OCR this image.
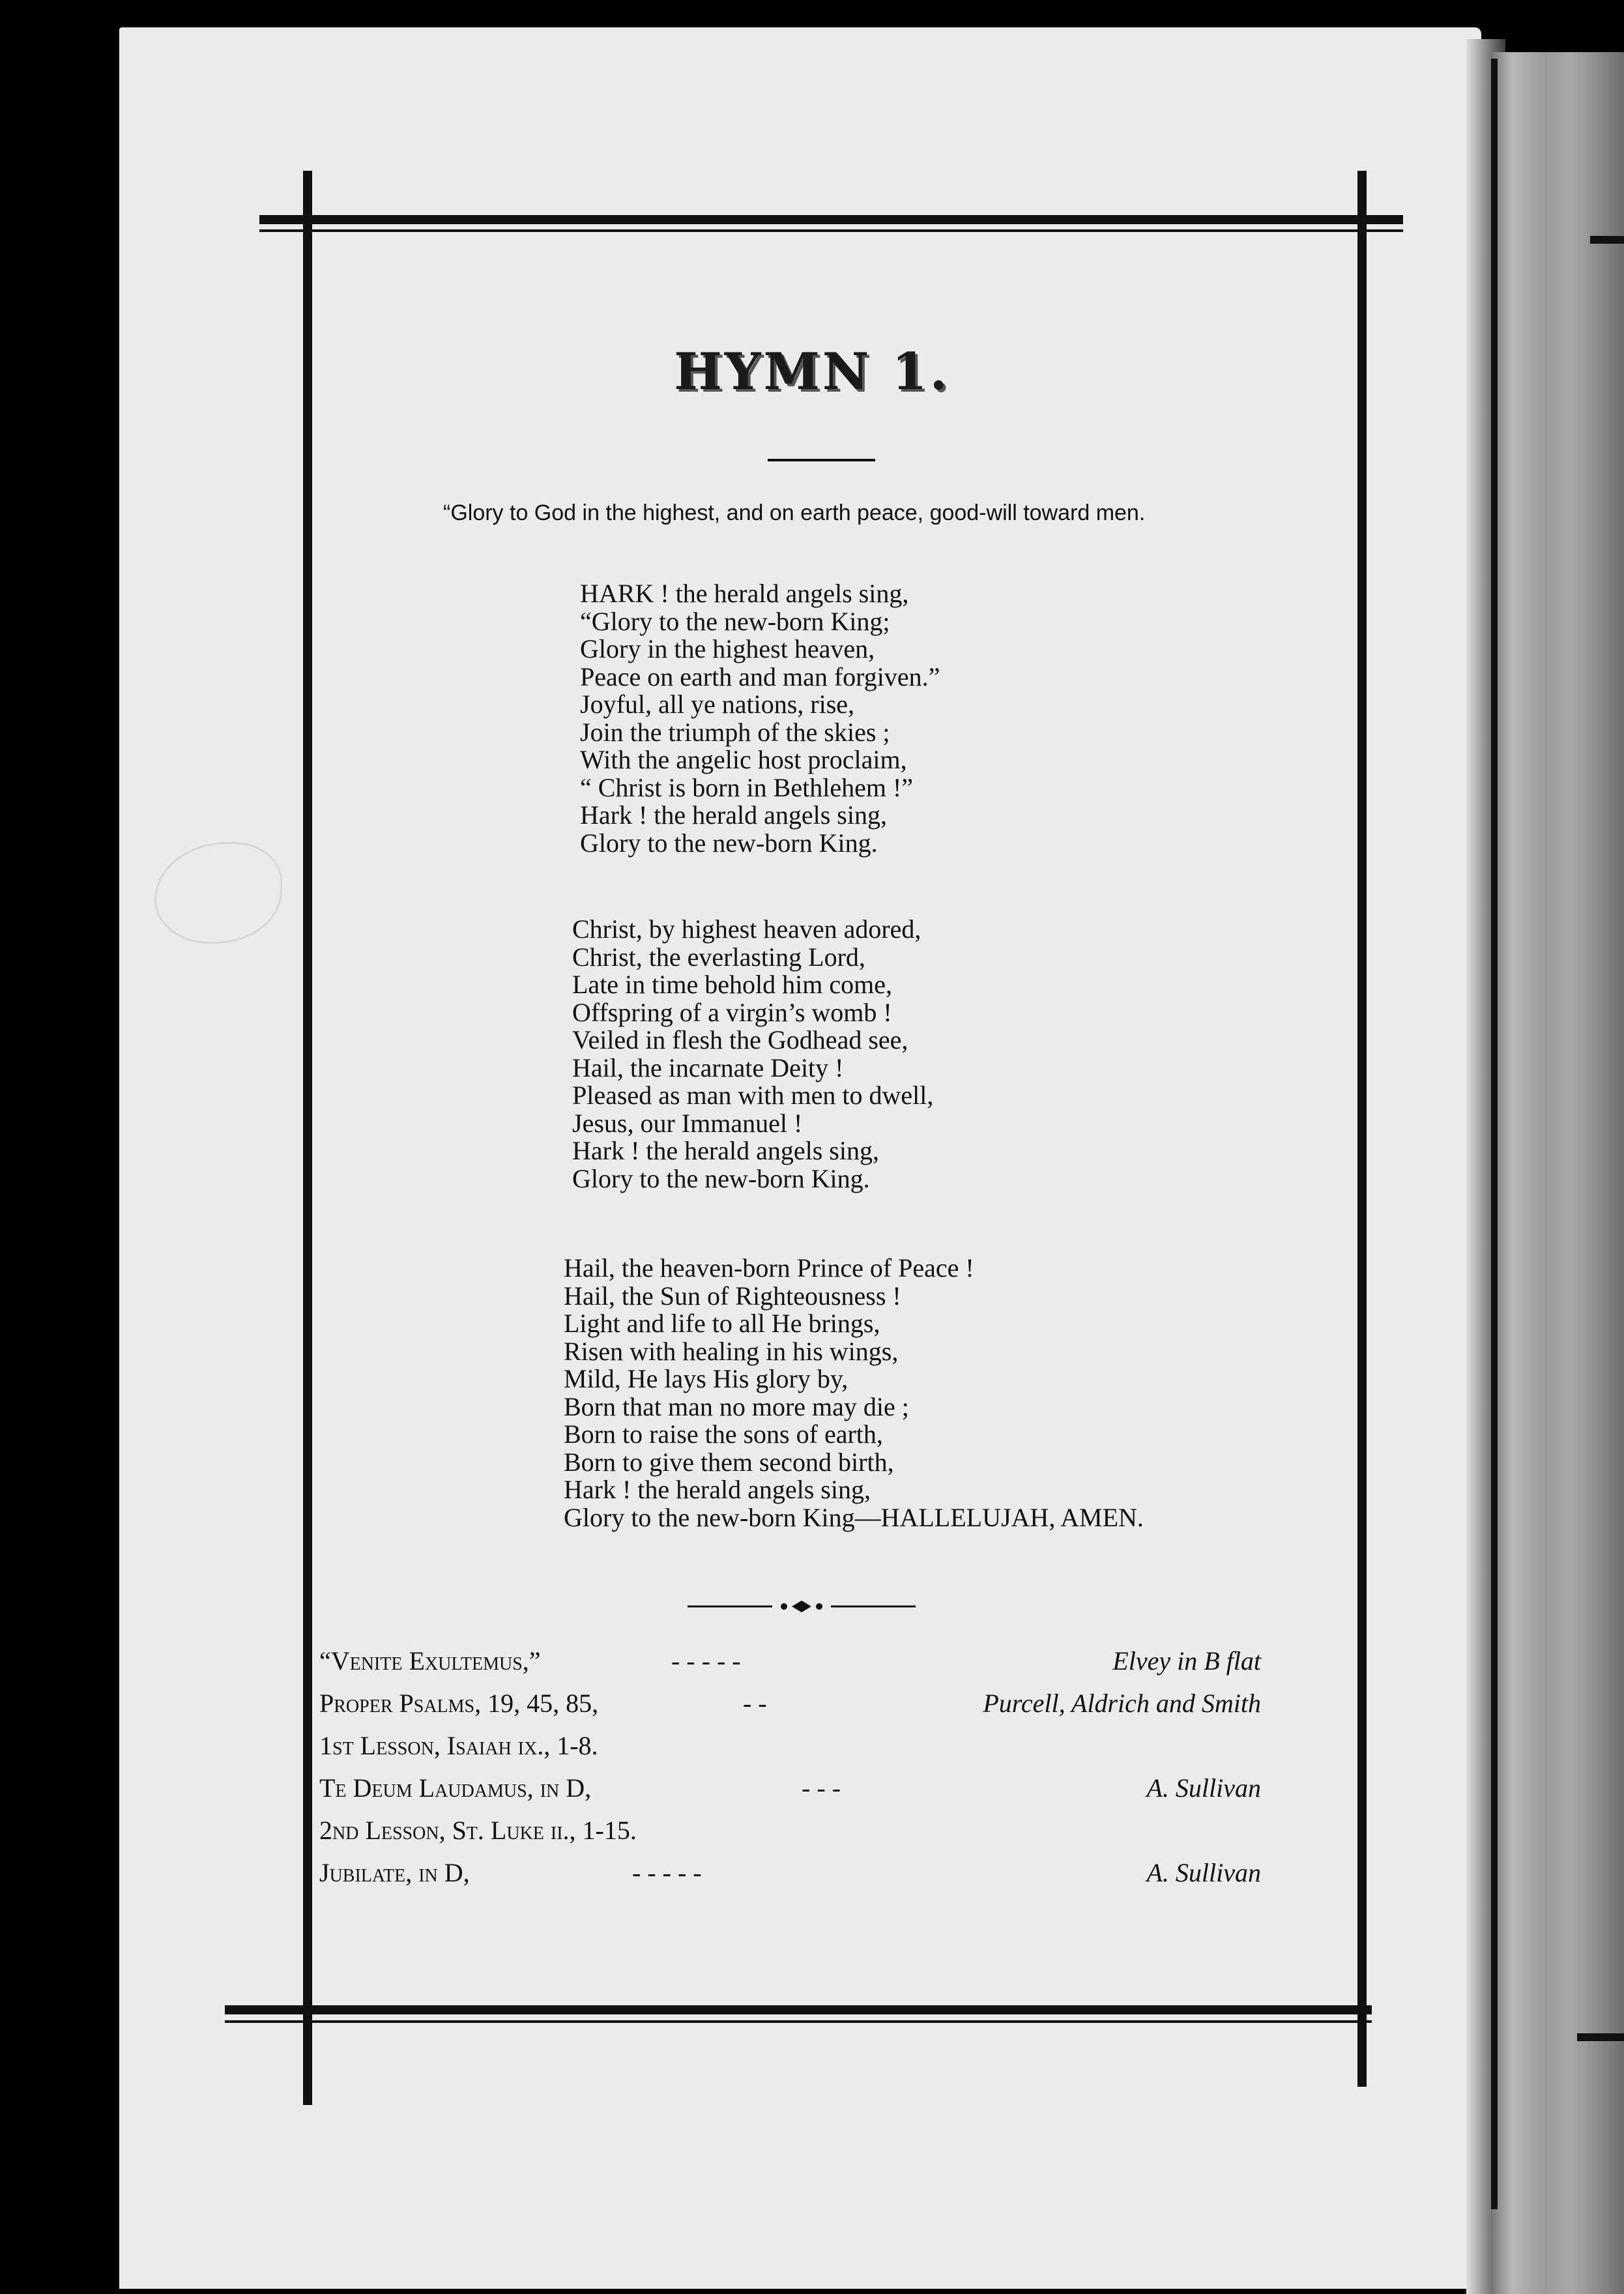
HYMN 1.
“Glory to God in the highest, and on earth peace, good-will toward men.
HARK ! the herald angels sing,
“Glory to the new-born King;
Glory in the highest heaven,
Peace on earth and man forgiven.”
Joyful, all ye nations, rise,
Join the triumph of the skies ;
With the angelic host proclaim,
“ Christ is born in Bethlehem !”
Hark ! the herald angels sing,
Glory to the new-born King.
Christ, by highest heaven adored,
Christ, the everlasting Lord,
Late in time behold him come,
Offspring of a virgin’s womb !
Veiled in flesh the Godhead see,
Hail, the incarnate Deity !
Pleased as man with men to dwell,
Jesus, our Immanuel !
Hark ! the herald angels sing,
Glory to the new-born King.
Hail, the heaven-born Prince of Peace !
Hail, the Sun of Righteousness !
Light and life to all He brings,
Risen with healing in his wings,
Mild, He lays His glory by,
Born that man no more may die ;
Born to raise the sons of earth,
Born to give them second birth,
Hark ! the herald angels sing,
Glory to the new-born King—HALLELUJAH, AMEN.
“Venite Exultemus,”	- - - - -	Elvey in B flat
Proper Psalms, 19, 45, 85,	- -	Purcell, Aldrich and Smith
1st Lesson, Isaiah ix., 1-8.
Te Deum Laudamus, in D,	- - -	A. Sullivan
2nd Lesson, St. Luke ii., 1-15.
Jubilate, in D,	- - - - -	A. Sullivan
